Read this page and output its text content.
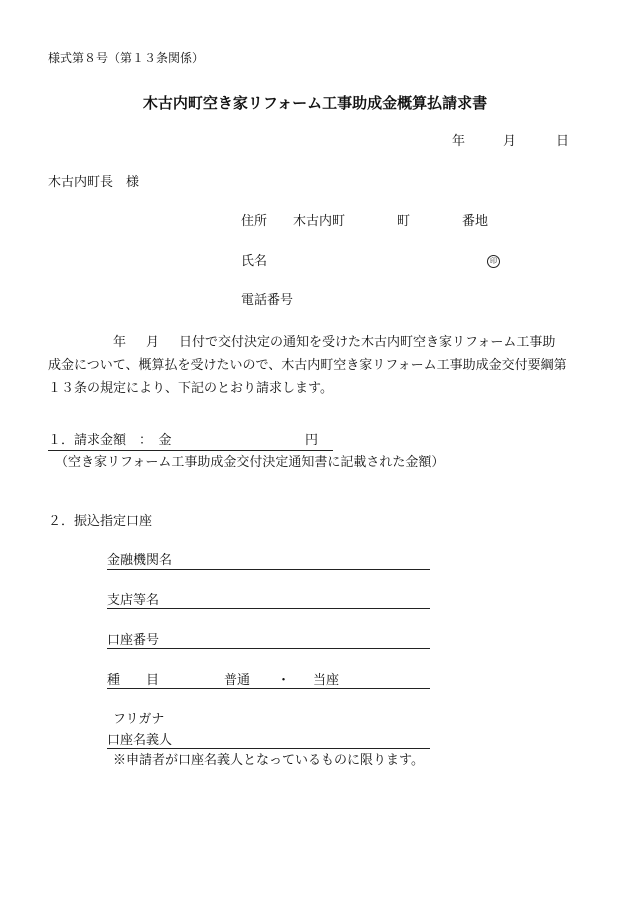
様式第８号（第１３条関係）
木古内町空き家リフォーム工事助成金概算払請求書
年	月	日
木古内町長　様
住所 木古内町	町	番地
氏名	印
電話番号
年 月 日付で交付決定の通知を受けた木古内町空き家リフォーム工事助
成金について、概算払を受けたいので、木古内町空き家リフォーム工事助成金交付要綱第
１３条の規定により、下記のとおり請求します。
１．請求金額　：　金	円
（空き家リフォーム工事助成金交付決定通知書に記載された金額）
２．振込指定口座
金融機関名
支店等名
口座番号
種　　目	普通 ・ 当座
フリガナ
口座名義人
※申請者が口座名義人となっているものに限ります。
